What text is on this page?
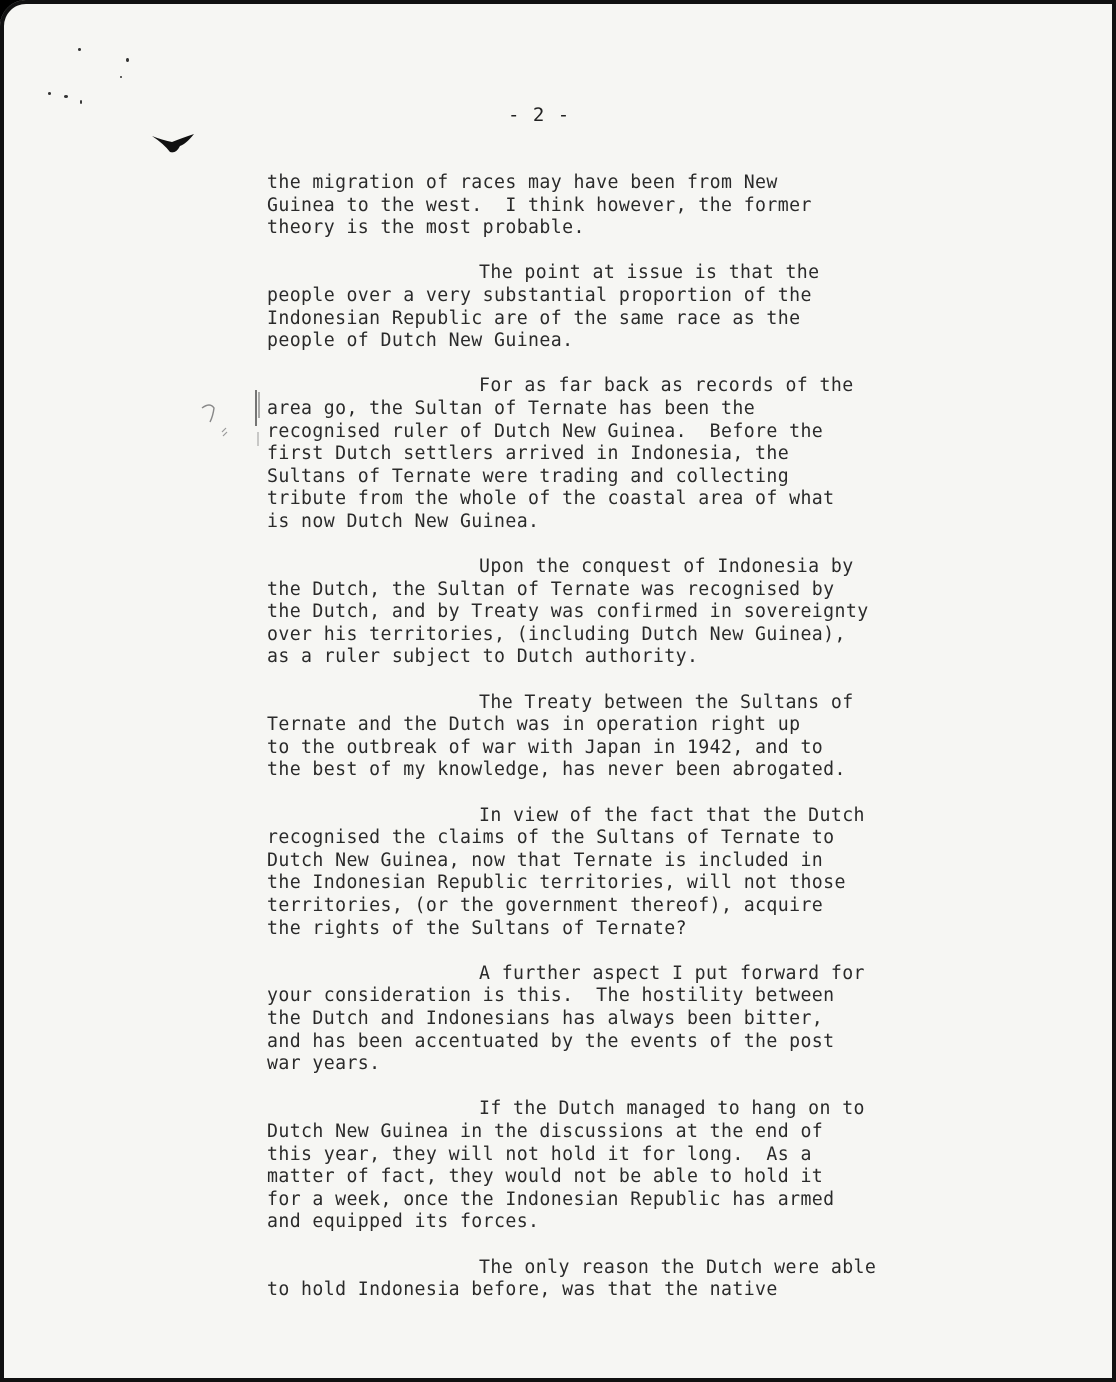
- 2 -

the migration of races may have been from New
Guinea to the west.  I think however, the former
theory is the most probable.

The point at issue is that the
people over a very substantial proportion of the
Indonesian Republic are of the same race as the
people of Dutch New Guinea.

For as far back as records of the
area go, the Sultan of Ternate has been the
recognised ruler of Dutch New Guinea.  Before the
first Dutch settlers arrived in Indonesia, the
Sultans of Ternate were trading and collecting
tribute from the whole of the coastal area of what
is now Dutch New Guinea.

Upon the conquest of Indonesia by
the Dutch, the Sultan of Ternate was recognised by
the Dutch, and by Treaty was confirmed in sovereignty
over his territories, (including Dutch New Guinea),
as a ruler subject to Dutch authority.

The Treaty between the Sultans of
Ternate and the Dutch was in operation right up
to the outbreak of war with Japan in 1942, and to
the best of my knowledge, has never been abrogated.

In view of the fact that the Dutch
recognised the claims of the Sultans of Ternate to
Dutch New Guinea, now that Ternate is included in
the Indonesian Republic territories, will not those
territories, (or the government thereof), acquire
the rights of the Sultans of Ternate?

A further aspect I put forward for
your consideration is this.  The hostility between
the Dutch and Indonesians has always been bitter,
and has been accentuated by the events of the post
war years.

If the Dutch managed to hang on to
Dutch New Guinea in the discussions at the end of
this year, they will not hold it for long.  As a
matter of fact, they would not be able to hold it
for a week, once the Indonesian Republic has armed
and equipped its forces.

The only reason the Dutch were able
to hold Indonesia before, was that the native
